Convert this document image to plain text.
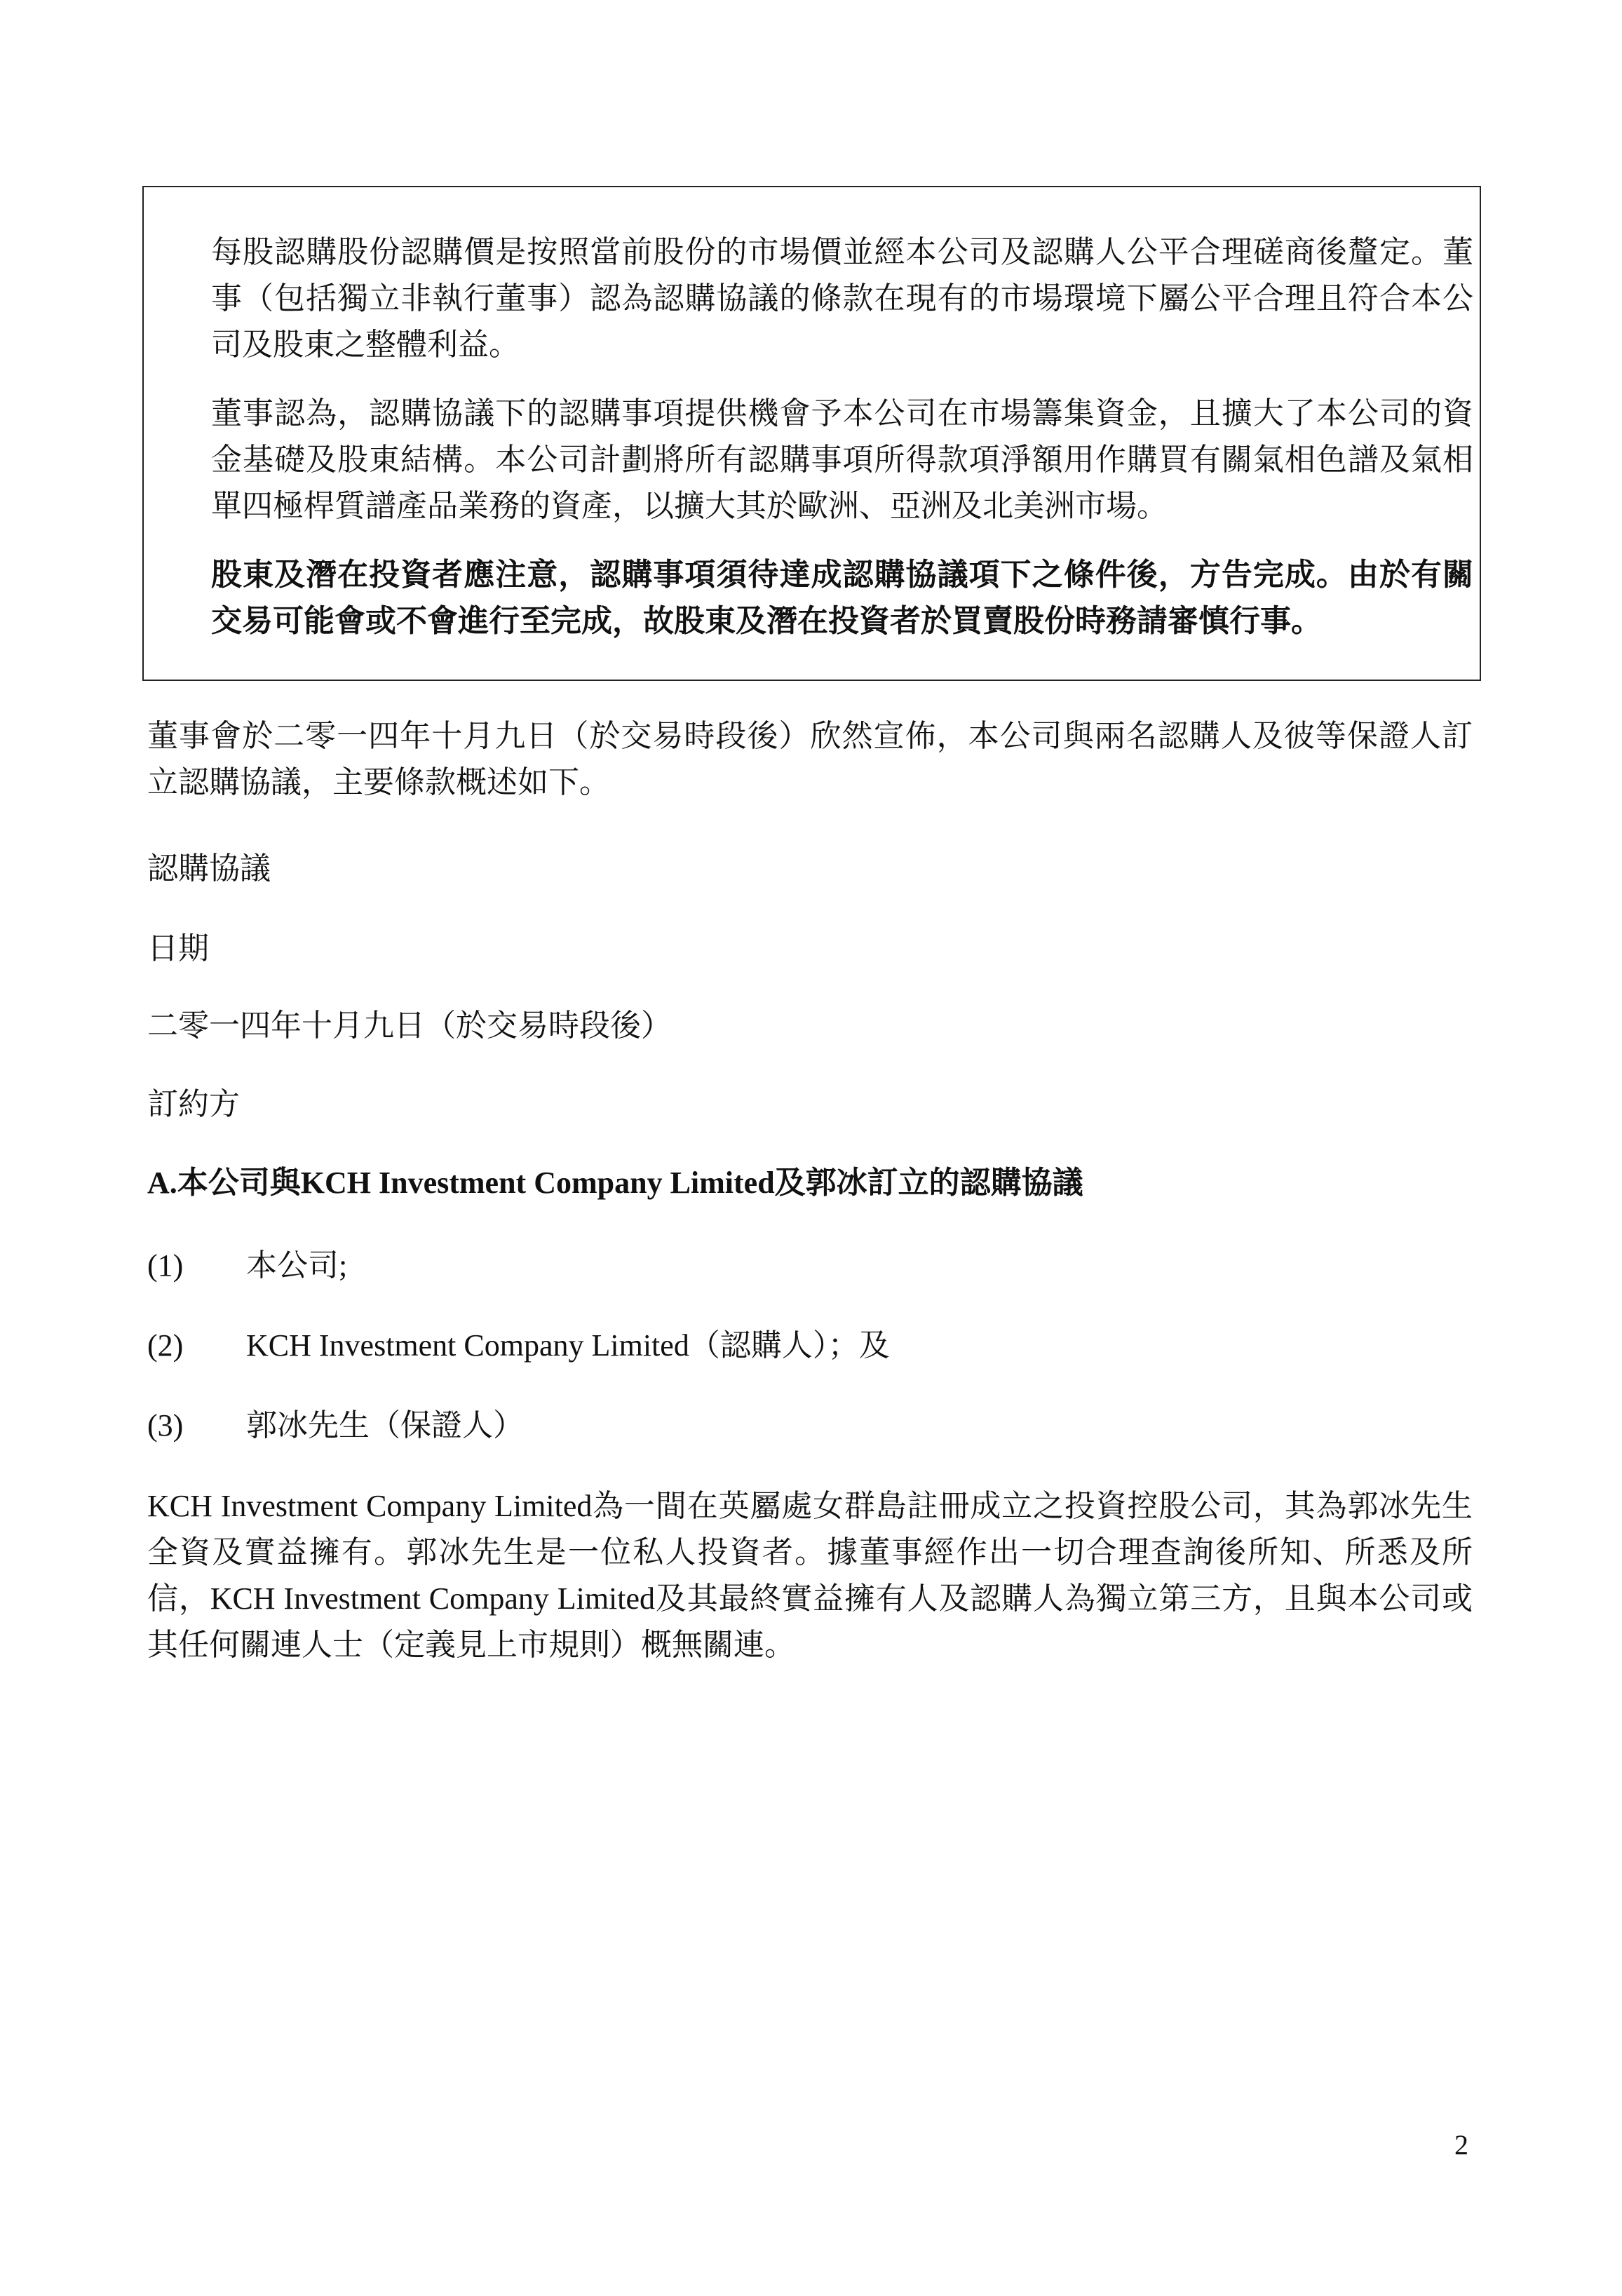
每股認購股份認購價是按照當前股份的市場價並經本公司及認購人公平合理磋商後釐定。董事（包括獨立非執行董事）認為認購協議的條款在現有的市場環境下屬公平合理且符合本公司及股東之整體利益。

董事認為，認購協議下的認購事項提供機會予本公司在市場籌集資金，且擴大了本公司的資金基礎及股東結構。本公司計劃將所有認購事項所得款項淨額用作購買有關氣相色譜及氣相單四極桿質譜產品業務的資產，以擴大其於歐洲、亞洲及北美洲市場。

股東及潛在投資者應注意，認購事項須待達成認購協議項下之條件後，方告完成。由於有關交易可能會或不會進行至完成，故股東及潛在投資者於買賣股份時務請審慎行事。

董事會於二零一四年十月九日（於交易時段後）欣然宣佈，本公司與兩名認購人及彼等保證人訂立認購協議，主要條款概述如下。

認購協議

日期

二零一四年十月九日（於交易時段後）

訂約方

A.本公司與KCH Investment Company Limited及郭冰訂立的認購協議

(1) 本公司;
(2) KCH Investment Company Limited（認購人）；及
(3) 郭冰先生（保證人）

KCH Investment Company Limited為一間在英屬處女群島註冊成立之投資控股公司，其為郭冰先生全資及實益擁有。郭冰先生是一位私人投資者。據董事經作出一切合理查詢後所知、所悉及所信，KCH Investment Company Limited及其最終實益擁有人及認購人為獨立第三方，且與本公司或其任何關連人士（定義見上市規則）概無關連。

2
